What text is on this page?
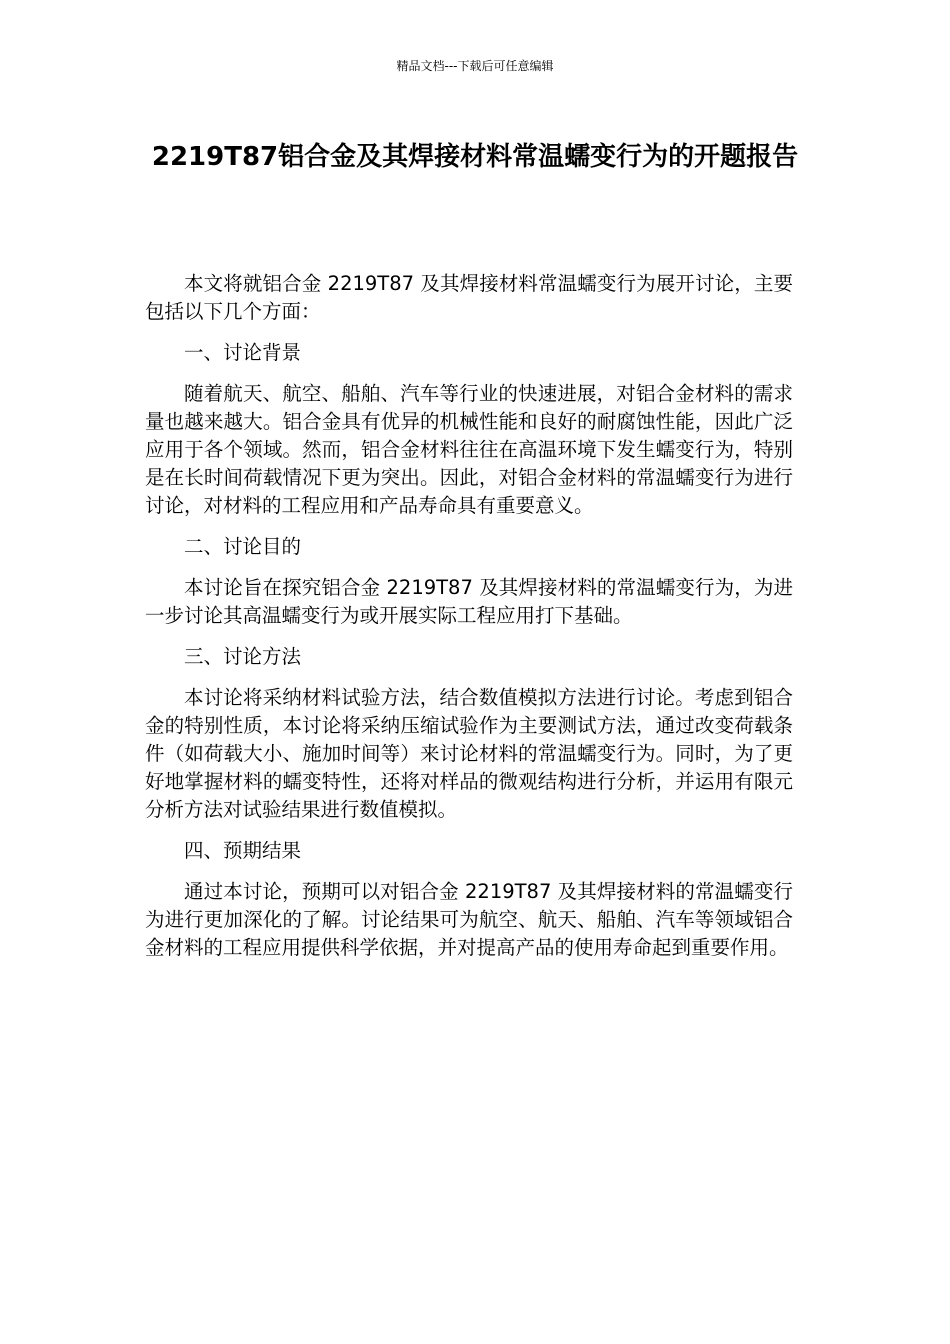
精品文档---下载后可任意编辑
2219T87铝合金及其焊接材料常温蠕变行为的开题报告

本文将就铝合金 2219T87 及其焊接材料常温蠕变行为展开讨论，主要包括以下几个方面：

一、讨论背景

随着航天、航空、船舶、汽车等行业的快速进展，对铝合金材料的需求量也越来越大。铝合金具有优异的机械性能和良好的耐腐蚀性能，因此广泛应用于各个领域。然而，铝合金材料往往在高温环境下发生蠕变行为，特别是在长时间荷载情况下更为突出。因此，对铝合金材料的常温蠕变行为进行讨论，对材料的工程应用和产品寿命具有重要意义。

二、讨论目的

本讨论旨在探究铝合金 2219T87 及其焊接材料的常温蠕变行为，为进一步讨论其高温蠕变行为或开展实际工程应用打下基础。

三、讨论方法

本讨论将采纳材料试验方法，结合数值模拟方法进行讨论。考虑到铝合金的特别性质，本讨论将采纳压缩试验作为主要测试方法，通过改变荷载条件（如荷载大小、施加时间等）来讨论材料的常温蠕变行为。同时，为了更好地掌握材料的蠕变特性，还将对样品的微观结构进行分析，并运用有限元分析方法对试验结果进行数值模拟。

四、预期结果

通过本讨论，预期可以对铝合金 2219T87 及其焊接材料的常温蠕变行为进行更加深化的了解。讨论结果可为航空、航天、船舶、汽车等领域铝合金材料的工程应用提供科学依据，并对提高产品的使用寿命起到重要作用。
